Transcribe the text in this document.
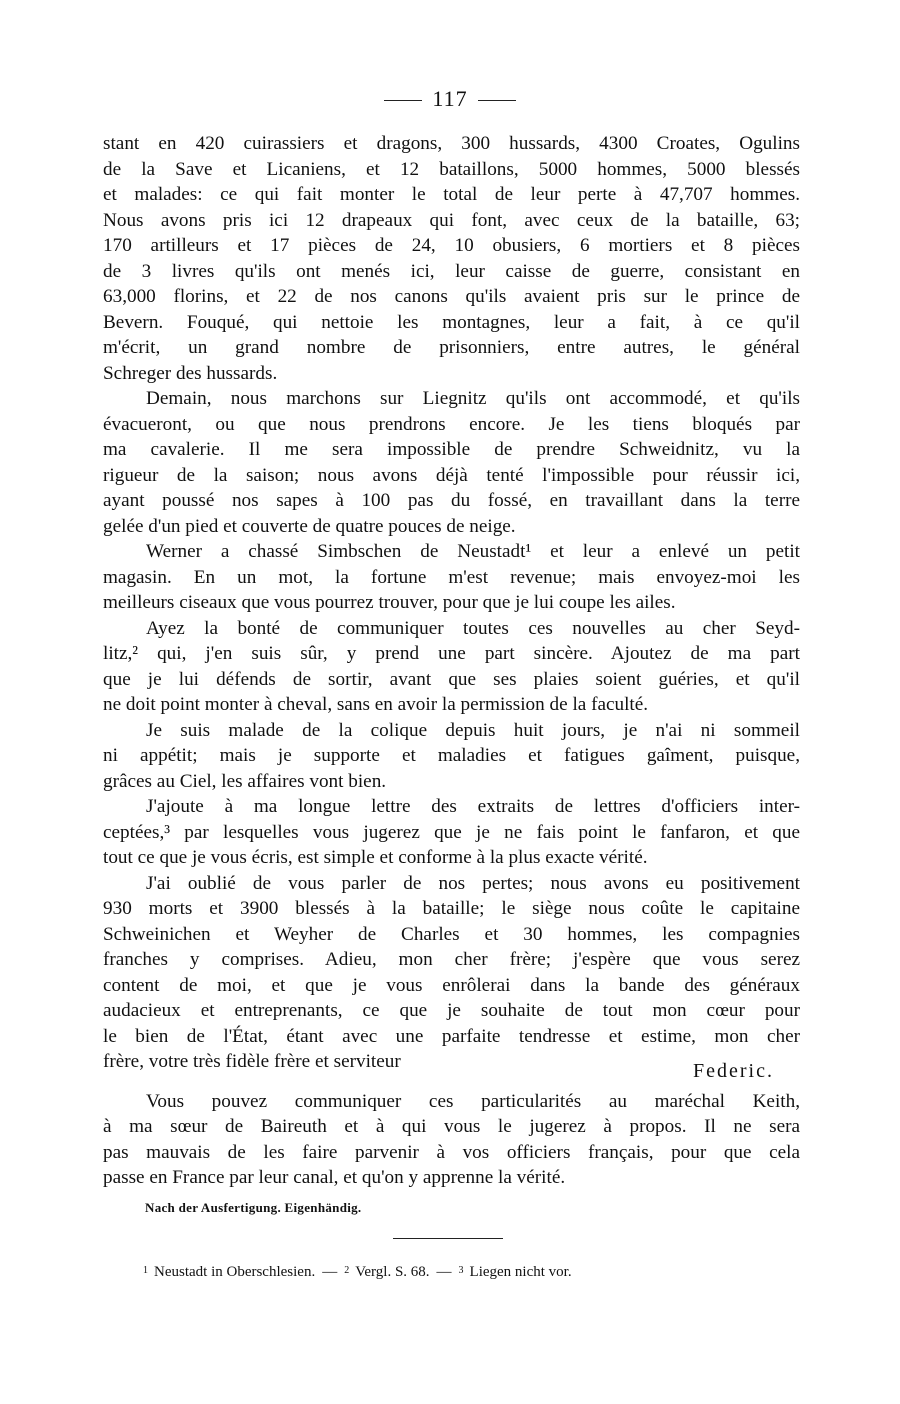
117
stant en 420 cuirassiers et dragons, 300 hussards, 4300 Croates, Ogulins
de la Save et Licaniens, et 12 bataillons, 5000 hommes, 5000 blessés
et malades: ce qui fait monter le total de leur perte à 47,707 hommes.
Nous avons pris ici 12 drapeaux qui font, avec ceux de la bataille, 63;
170 artilleurs et 17 pièces de 24, 10 obusiers, 6 mortiers et 8 pièces
de 3 livres qu'ils ont menés ici, leur caisse de guerre, consistant en
63,000 florins, et 22 de nos canons qu'ils avaient pris sur le prince de
Bevern. Fouqué, qui nettoie les montagnes, leur a fait, à ce qu'il
m'écrit, un grand nombre de prisonniers, entre autres, le général
Schreger des hussards.
Demain, nous marchons sur Liegnitz qu'ils ont accommodé, et qu'ils
évacueront, ou que nous prendrons encore. Je les tiens bloqués par
ma cavalerie. Il me sera impossible de prendre Schweidnitz, vu la
rigueur de la saison; nous avons déjà tenté l'impossible pour réussir ici,
ayant poussé nos sapes à 100 pas du fossé, en travaillant dans la terre
gelée d'un pied et couverte de quatre pouces de neige.
Werner a chassé Simbschen de Neustadt¹ et leur a enlevé un petit
magasin. En un mot, la fortune m'est revenue; mais envoyez-moi les
meilleurs ciseaux que vous pourrez trouver, pour que je lui coupe les ailes.
Ayez la bonté de communiquer toutes ces nouvelles au cher Seyd-
litz,² qui, j'en suis sûr, y prend une part sincère. Ajoutez de ma part
que je lui défends de sortir, avant que ses plaies soient guéries, et qu'il
ne doit point monter à cheval, sans en avoir la permission de la faculté.
Je suis malade de la colique depuis huit jours, je n'ai ni sommeil
ni appétit; mais je supporte et maladies et fatigues gaîment, puisque,
grâces au Ciel, les affaires vont bien.
J'ajoute à ma longue lettre des extraits de lettres d'officiers inter-
ceptées,³ par lesquelles vous jugerez que je ne fais point le fanfaron, et que
tout ce que je vous écris, est simple et conforme à la plus exacte vérité.
J'ai oublié de vous parler de nos pertes; nous avons eu positivement
930 morts et 3900 blessés à la bataille; le siège nous coûte le capitaine
Schweinichen et Weyher de Charles et 30 hommes, les compagnies
franches y comprises. Adieu, mon cher frère; j'espère que vous serez
content de moi, et que je vous enrôlerai dans la bande des généraux
audacieux et entreprenants, ce que je souhaite de tout mon cœur pour
le bien de l'État, étant avec une parfaite tendresse et estime, mon cher
frère, votre très fidèle frère et serviteur	Federic.
Vous pouvez communiquer ces particularités au maréchal Keith,
à ma sœur de Baireuth et à qui vous le jugerez à propos. Il ne sera
pas mauvais de les faire parvenir à vos officiers français, pour que cela
passe en France par leur canal, et qu'on y apprenne la vérité.
Nach der Ausfertigung. Eigenhändig.
$^1$ Neustadt in Oberschlesien. — $^2$ Vergl. S. 68. — $^3$ Liegen nicht vor.
